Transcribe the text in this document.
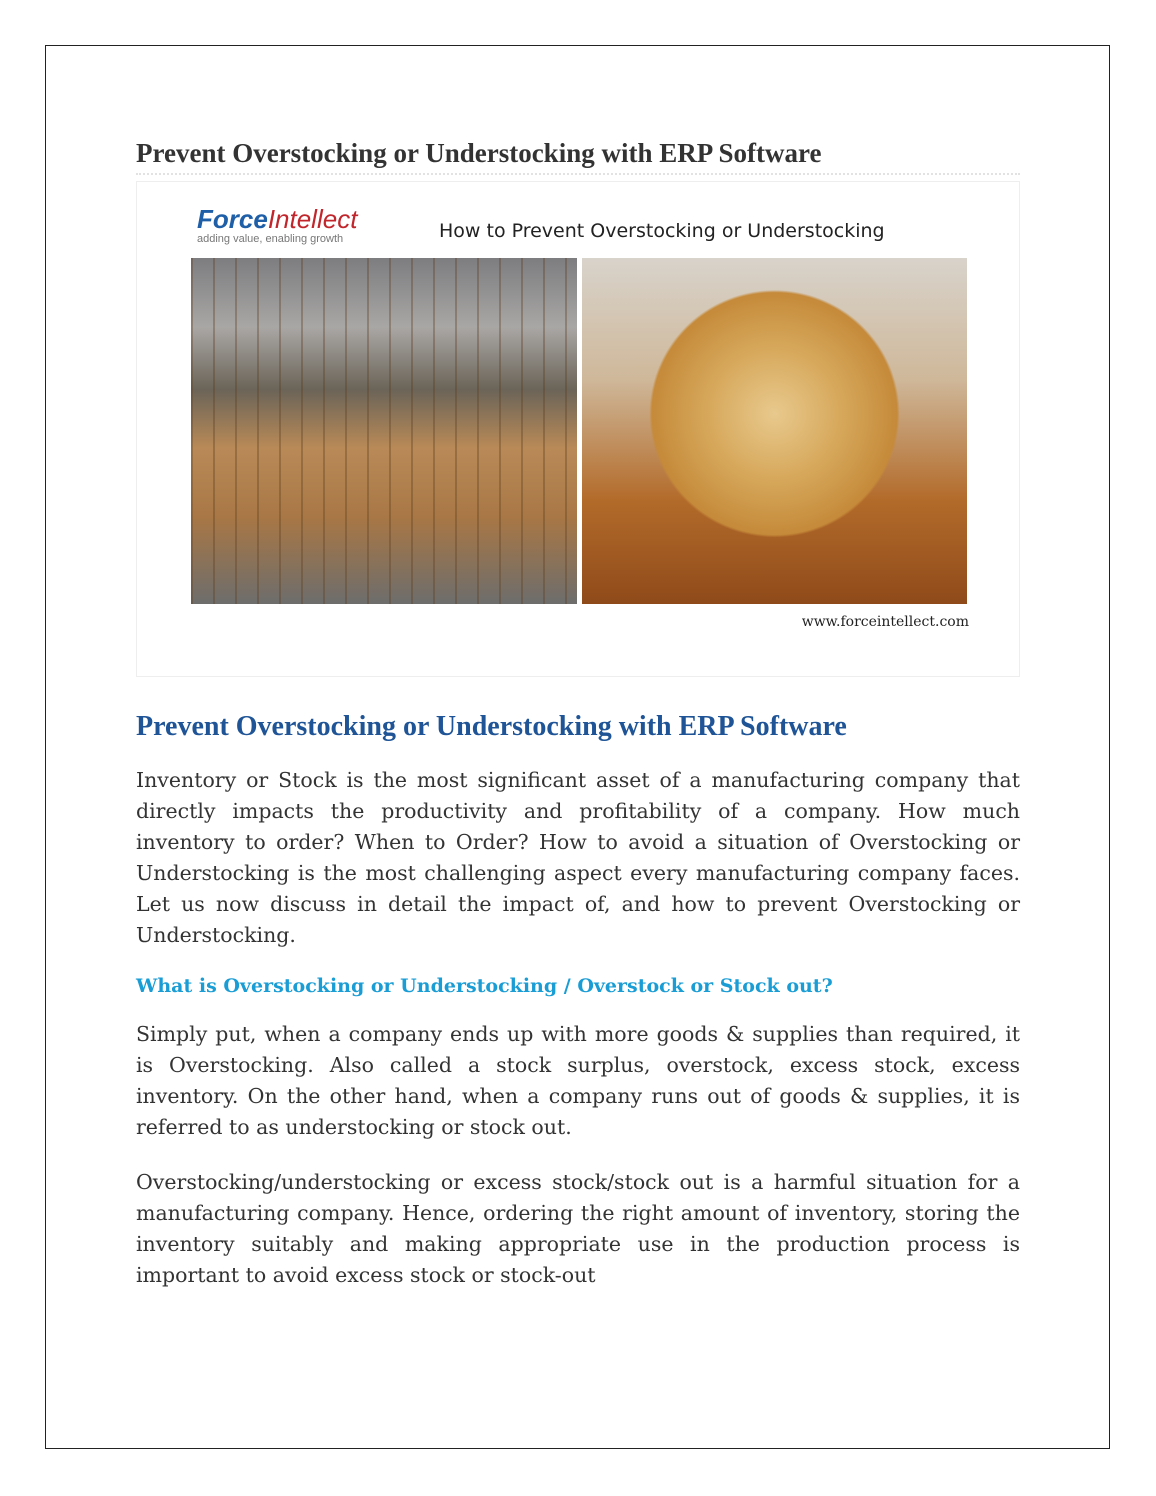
Prevent Overstocking or Understocking with ERP Software
ForceIntellect
adding value, enabling growth	How to Prevent Overstocking or Understocking
www.forceintellect.com
Prevent Overstocking or Understocking with ERP Software

Inventory or Stock is the most significant asset of a manufacturing company that directly impacts the productivity and profitability of a company. How much inventory to order? When to Order? How to avoid a situation of Overstocking or Understocking is the most challenging aspect every manufacturing company faces. Let us now discuss in detail the impact of, and how to prevent Overstocking or Understocking.

What is Overstocking or Understocking / Overstock or Stock out?

Simply put, when a company ends up with more goods & supplies than required, it is Overstocking. Also called a stock surplus, overstock, excess stock, excess inventory. On the other hand, when a company runs out of goods & supplies, it is referred to as understocking or stock out.

Overstocking/understocking or excess stock/stock out is a harmful situation for a manufacturing company. Hence, ordering the right amount of inventory, storing the inventory suitably and making appropriate use in the production process is important to avoid excess stock or stock-out
